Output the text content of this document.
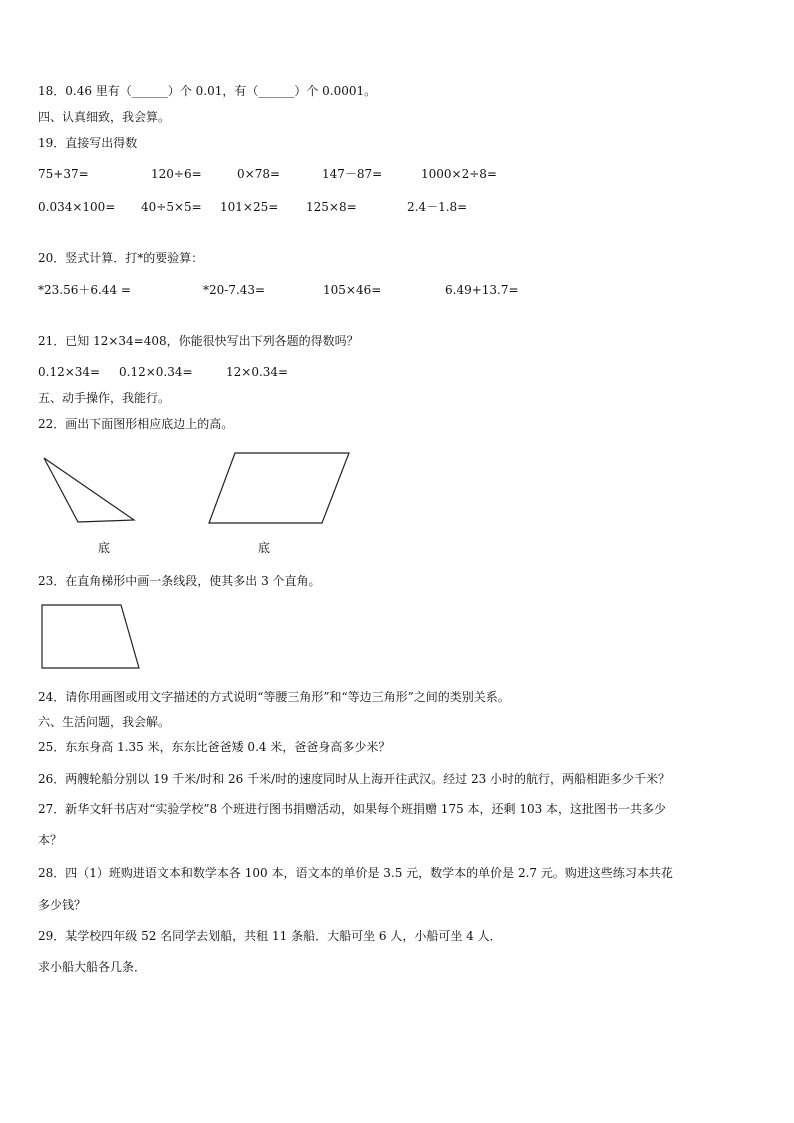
18．0.46 里有（______）个 0.01，有（______）个 0.0001。
四、认真细致，我会算。
19．直接写出得数
75+37=	120÷6=	0×78=	147－87=	1000×2÷8=
0.034×100= 40÷5×5= 101×25= 125×8=	2.4－1.8=
20．竖式计算．打*的要验算：
*23.56＋6.44 =	*20-7.43=	105×46=	6.49+13.7=
21．已知 12×34=408，你能很快写出下列各题的得数吗？
0.12×34= 0.12×0.34=	12×0.34=
五、动手操作，我能行。
22．画出下面图形相应底边上的高。
底	底
23．在直角梯形中画一条线段，使其多出 3 个直角。
24．请你用画图或用文字描述的方式说明“等腰三角形”和“等边三角形”之间的类别关系。
六、生活问题，我会解。
25．东东身高 1.35 米，东东比爸爸矮 0.4 米，爸爸身高多少米？
26．两艘轮船分别以 19 千米/时和 26 千米/时的速度同时从上海开往武汉。经过 23 小时的航行，两船相距多少千米？
27．新华文轩书店对“实验学校”8 个班进行图书捐赠活动，如果每个班捐赠 175 本，还剩 103 本，这批图书一共多少
本？
28．四（1）班购进语文本和数学本各 100 本，语文本的单价是 3.5 元，数学本的单价是 2.7 元。购进这些练习本共花
多少钱？
29．某学校四年级 52 名同学去划船，共租 11 条船．大船可坐 6 人，小船可坐 4 人．
求小船大船各几条．
